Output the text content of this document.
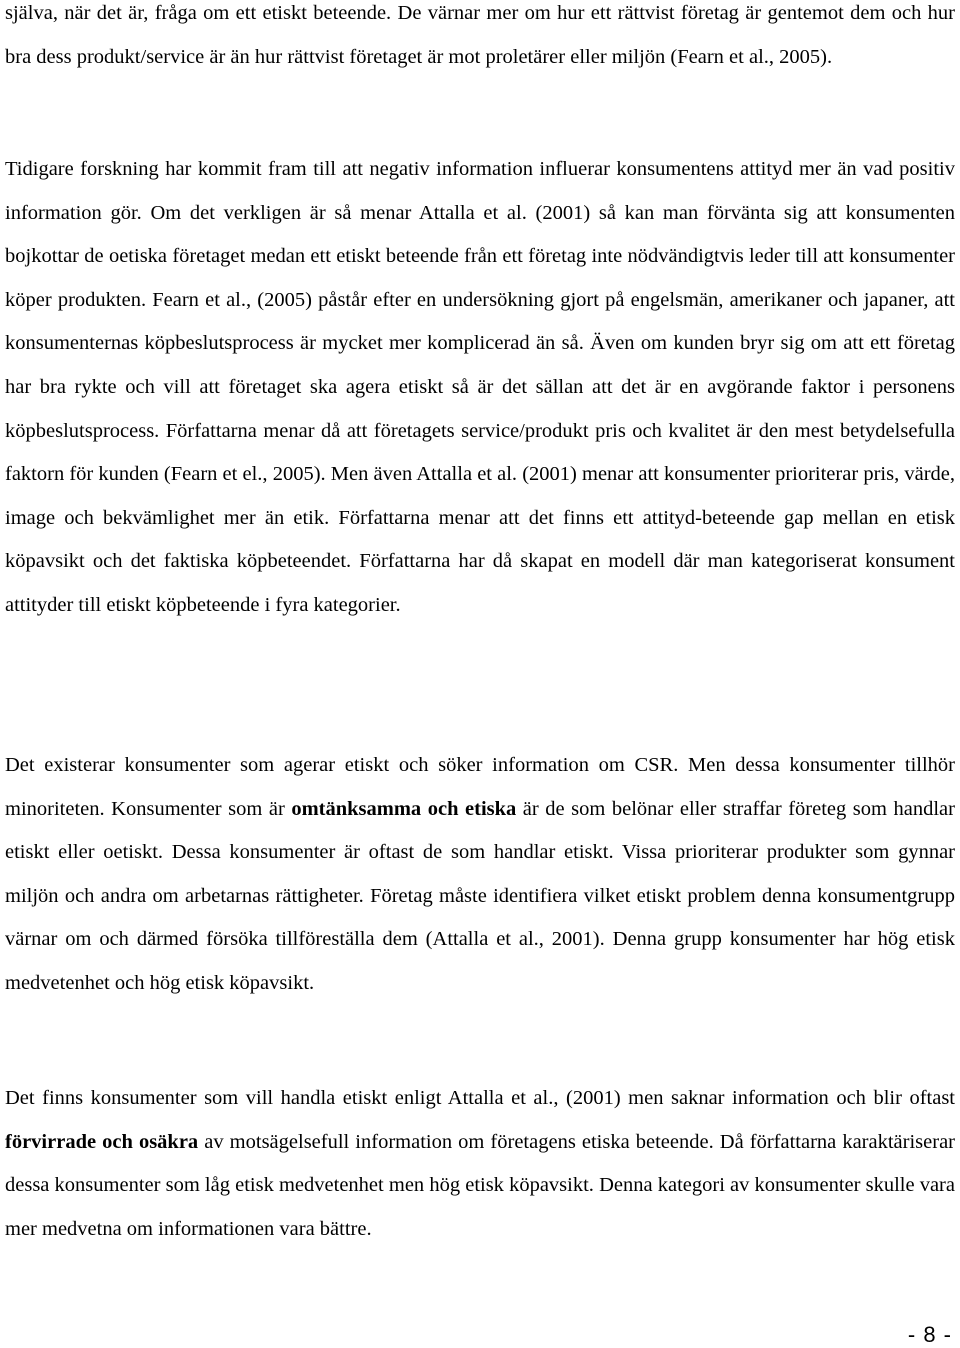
själva, när det är, fråga om ett etiskt beteende. De värnar mer om hur ett rättvist företag är gentemot dem och hur bra dess produkt/service är än hur rättvist företaget är mot proletärer eller miljön (Fearn et al., 2005).

Tidigare forskning har kommit fram till att negativ information influerar konsumentens attityd mer än vad positiv information gör. Om det verkligen är så menar Attalla et al. (2001) så kan man förvänta sig att konsumenten bojkottar de oetiska företaget medan ett etiskt beteende från ett företag inte nödvändigtvis leder till att konsumenter köper produkten. Fearn et al., (2005) påstår efter en undersökning gjort på engelsmän, amerikaner och japaner, att konsumenternas köpbeslutsprocess är mycket mer komplicerad än så. Även om kunden bryr sig om att ett företag har bra rykte och vill att företaget ska agera etiskt så är det sällan att det är en avgörande faktor i personens köpbeslutsprocess. Författarna menar då att företagets service/produkt pris och kvalitet är den mest betydelsefulla faktorn för kunden (Fearn et el., 2005). Men även Attalla et al. (2001) menar att konsumenter prioriterar pris, värde, image och bekvämlighet mer än etik. Författarna menar att det finns ett attityd-beteende gap mellan en etisk köpavsikt och det faktiska köpbeteendet. Författarna har då skapat en modell där man kategoriserat konsument attityder till etiskt köpbeteende i fyra kategorier.

Det existerar konsumenter som agerar etiskt och söker information om CSR. Men dessa konsumenter tillhör minoriteten. Konsumenter som är omtänksamma och etiska är de som belönar eller straffar företeg som handlar etiskt eller oetiskt. Dessa konsumenter är oftast de som handlar etiskt. Vissa prioriterar produkter som gynnar miljön och andra om arbetarnas rättigheter. Företag måste identifiera vilket etiskt problem denna konsumentgrupp värnar om och därmed försöka tillföreställa dem (Attalla et al., 2001). Denna grupp konsumenter har hög etisk medvetenhet och hög etisk köpavsikt.

Det finns konsumenter som vill handla etiskt enligt Attalla et al., (2001) men saknar information och blir oftast förvirrade och osäkra av motsägelsefull information om företagens etiska beteende. Då författarna karaktäriserar dessa konsumenter som låg etisk medvetenhet men hög etisk köpavsikt. Denna kategori av konsumenter skulle vara mer medvetna om informationen vara bättre.

- 8 -
